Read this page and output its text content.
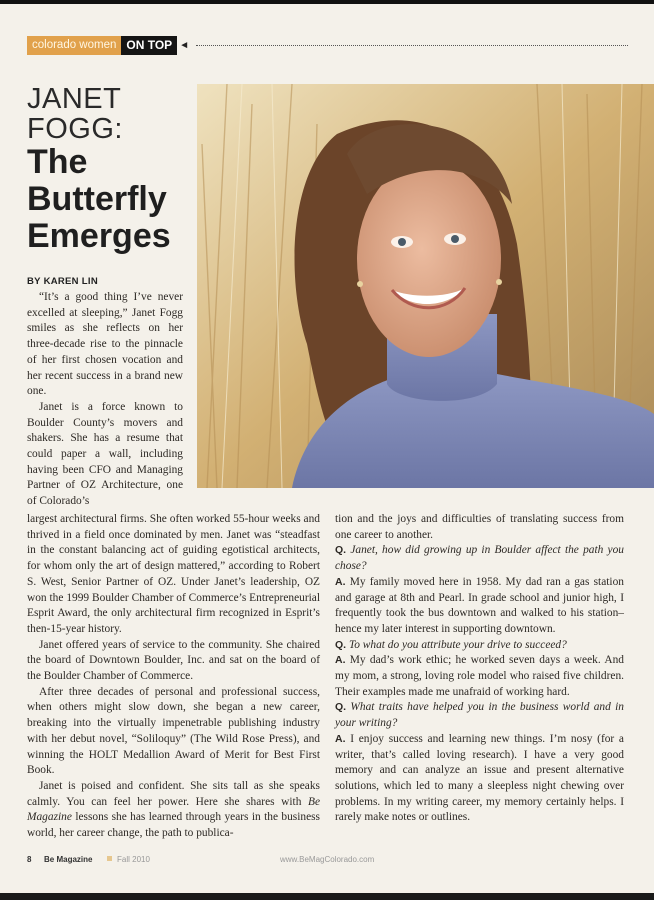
colorado women ON TOP ◄
JANET
FOGG:
The
Butterfly
Emerges
BY KAREN LIN

“It’s a good thing I’ve never excelled at sleeping,” Janet Fogg smiles as she reflects on her three-decade rise to the pinnacle of her first chosen vocation and her recent success in a brand new one.

Janet is a force known to Boulder County’s movers and shakers. She has a resume that could paper a wall, including having been CFO and Managing Partner of OZ Architecture, one of Colorado’s

largest architectural firms. She often worked 55-hour weeks and thrived in a field once dominated by men. Janet was “steadfast in the constant balancing act of guiding egotistical architects, for whom only the art of design mattered,” according to Robert S. West, Senior Partner of OZ. Under Janet’s leadership, OZ won the 1999 Boulder Chamber of Commerce’s Entrepreneurial Esprit Award, the only architectural firm recognized in Esprit’s then-15-year history.

Janet offered years of service to the community. She chaired the board of Downtown Boulder, Inc. and sat on the board of the Boulder Chamber of Commerce.

After three decades of personal and professional success, when others might slow down, she began a new career, breaking into the virtually impenetrable publishing industry with her debut novel, “Soliloquy” (The Wild Rose Press), and winning the HOLT Medallion Award of Merit for Best First Book.

Janet is poised and confident. She sits tall as she speaks calmly. You can feel her power. Here she shares with Be Magazine lessons she has learned through years in the business world, her career change, the path to publica-

tion and the joys and difficulties of translating success from one career to another.

Q. Janet, how did growing up in Boulder affect the path you chose?

A. My family moved here in 1958. My dad ran a gas station and garage at 8th and Pearl. In grade school and junior high, I frequently took the bus downtown and walked to his station–hence my later interest in supporting downtown.

Q. To what do you attribute your drive to succeed?

A. My dad’s work ethic; he worked seven days a week. And my mom, a strong, loving role model who raised five children. Their examples made me unafraid of working hard.

Q. What traits have helped you in the business world and in your writing?

A. I enjoy success and learning new things. I’m nosy (for a writer, that’s called loving research). I have a very good memory and can analyze an issue and present alternative solutions, which led to many a sleepless night chewing over problems. In my writing career, my memory certainly helps. I rarely make notes or outlines.

8 Be Magazine	Fall 2010	www.BeMagColorado.com
